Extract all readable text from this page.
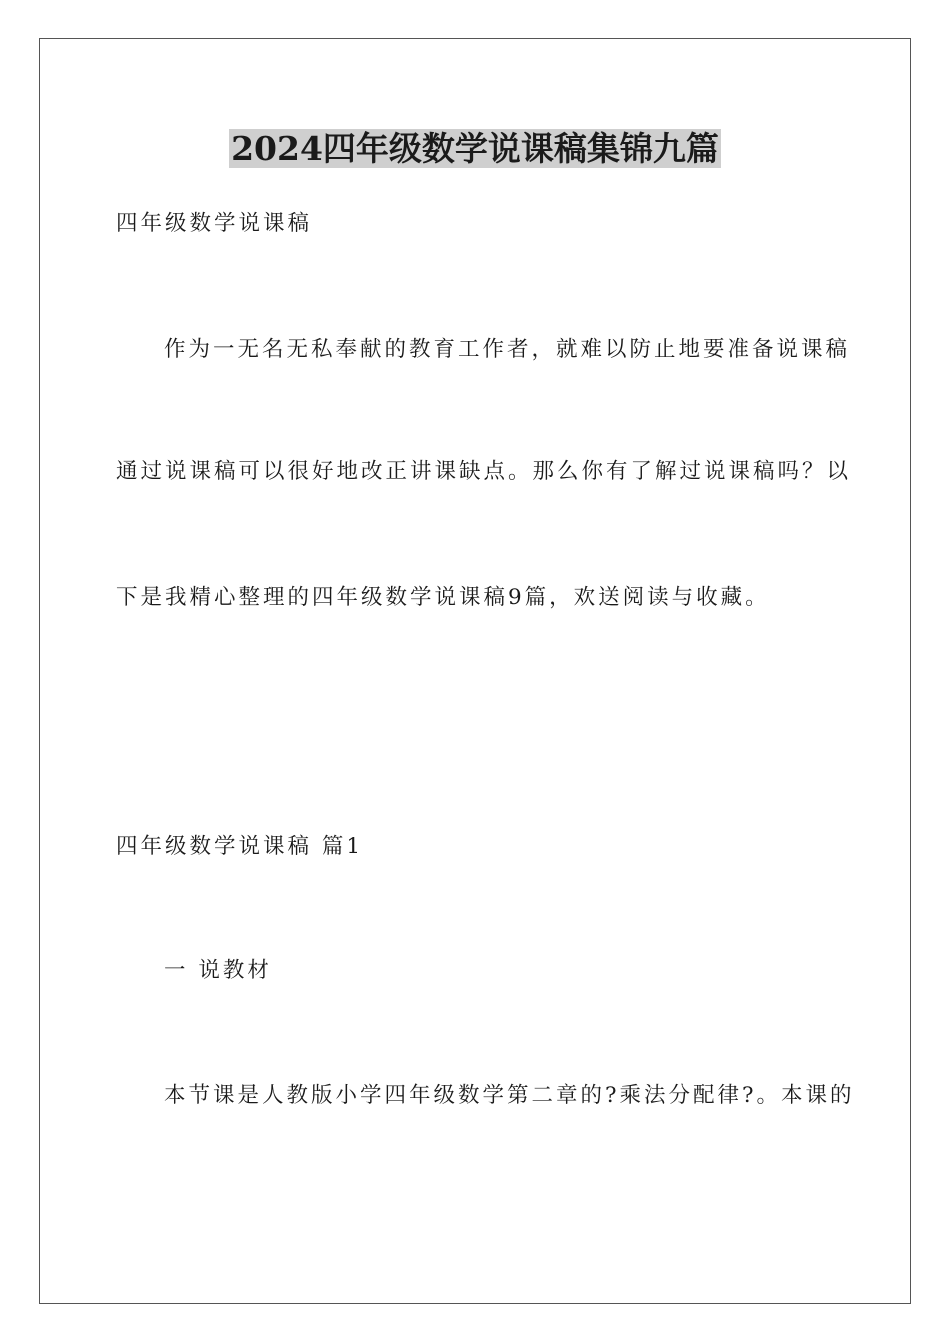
2024四年级数学说课稿集锦九篇
四年级数学说课稿
作为一无名无私奉献的教育工作者，就难以防止地要准备说课稿
通过说课稿可以很好地改正讲课缺点。那么你有了解过说课稿吗？以
下是我精心整理的四年级数学说课稿9篇，欢送阅读与收藏。
四年级数学说课稿 篇1
一 说教材
本节课是人教版小学四年级数学第二章的?乘法分配律?。本课的
